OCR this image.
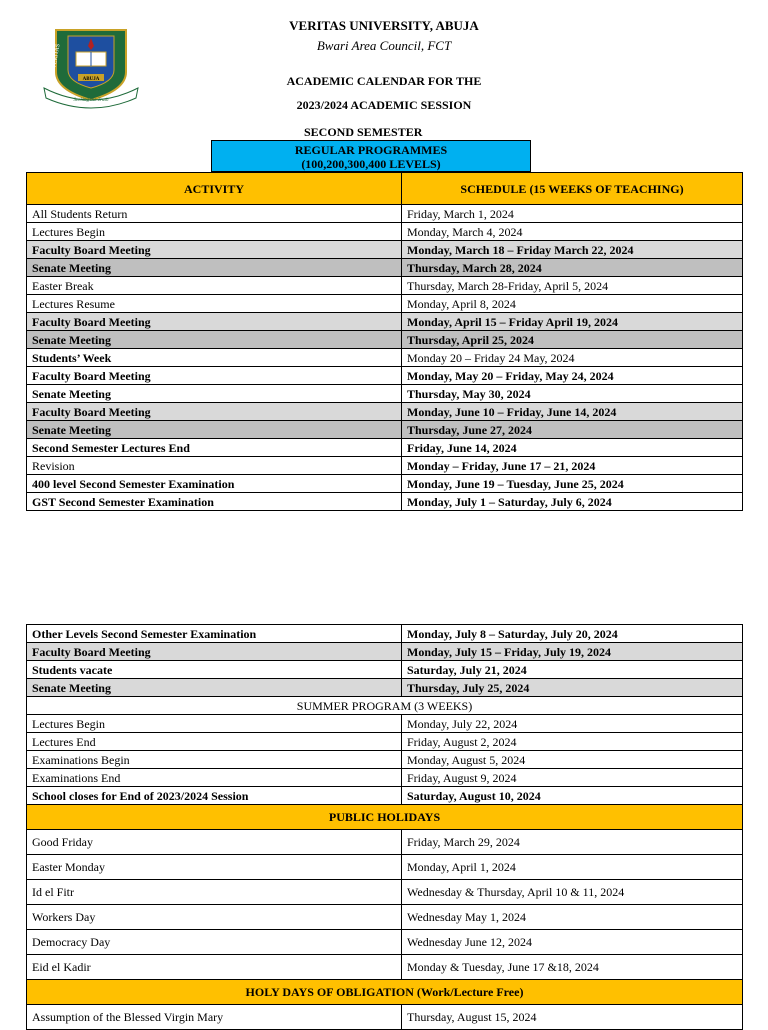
VERITAS	UNIVERSITY
ABUJA
Seeking the Truth
VERITAS UNIVERSITY, ABUJA
Bwari Area Council, FCT
ACADEMIC CALENDAR FOR THE
2023/2024 ACADEMIC SESSION
SECOND SEMESTER
REGULAR PROGRAMMES
(100,200,300,400 LEVELS)
ACTIVITY	SCHEDULE (15 WEEKS OF TEACHING)
All Students Return	Friday, March 1, 2024
Lectures Begin	Monday, March 4, 2024
Faculty Board Meeting	Monday, March 18 – Friday March 22, 2024
Senate Meeting	Thursday, March 28, 2024
Easter Break	Thursday, March 28-Friday, April 5, 2024
Lectures Resume	Monday, April 8, 2024
Faculty Board Meeting	Monday, April 15 – Friday April 19, 2024
Senate Meeting	Thursday, April 25, 2024
Students’ Week	Monday 20 – Friday 24 May, 2024
Faculty Board Meeting	Monday, May 20 – Friday, May 24, 2024
Senate Meeting	Thursday, May 30, 2024
Faculty Board Meeting	Monday, June 10 – Friday, June 14, 2024
Senate Meeting	Thursday, June 27, 2024
Second Semester Lectures End	Friday, June 14, 2024
Revision	Monday – Friday, June 17 – 21, 2024
400 level Second Semester Examination	Monday, June 19 – Tuesday, June 25, 2024
GST Second Semester Examination	Monday, July 1 – Saturday, July 6, 2024
Other Levels Second Semester Examination	Monday, July 8 – Saturday, July 20, 2024
Faculty Board Meeting	Monday, July 15 – Friday, July 19, 2024
Students vacate	Saturday, July 21, 2024
Senate Meeting	Thursday, July 25, 2024

SUMMER PROGRAM (3 WEEKS)	
Lectures Begin	Monday, July 22, 2024
Lectures End	Friday, August 2, 2024
Examinations Begin	Monday, August 5, 2024
Examinations End	Friday, August 9, 2024
School closes for End of 2023/2024 Session	Saturday, August 10, 2024
PUBLIC HOLIDAYS	
Good Friday	Friday, March 29, 2024
Easter Monday	Monday, April 1, 2024
Id el Fitr	Wednesday & Thursday, April 10 & 11, 2024
Workers Day	Wednesday May 1, 2024
Democracy Day	Wednesday June 12, 2024
Eid el Kadir	Monday & Tuesday, June 17 &18, 2024
HOLY DAYS OF OBLIGATION (Work/Lecture Free)	
Assumption of the Blessed Virgin Mary	Thursday, August 15, 2024
